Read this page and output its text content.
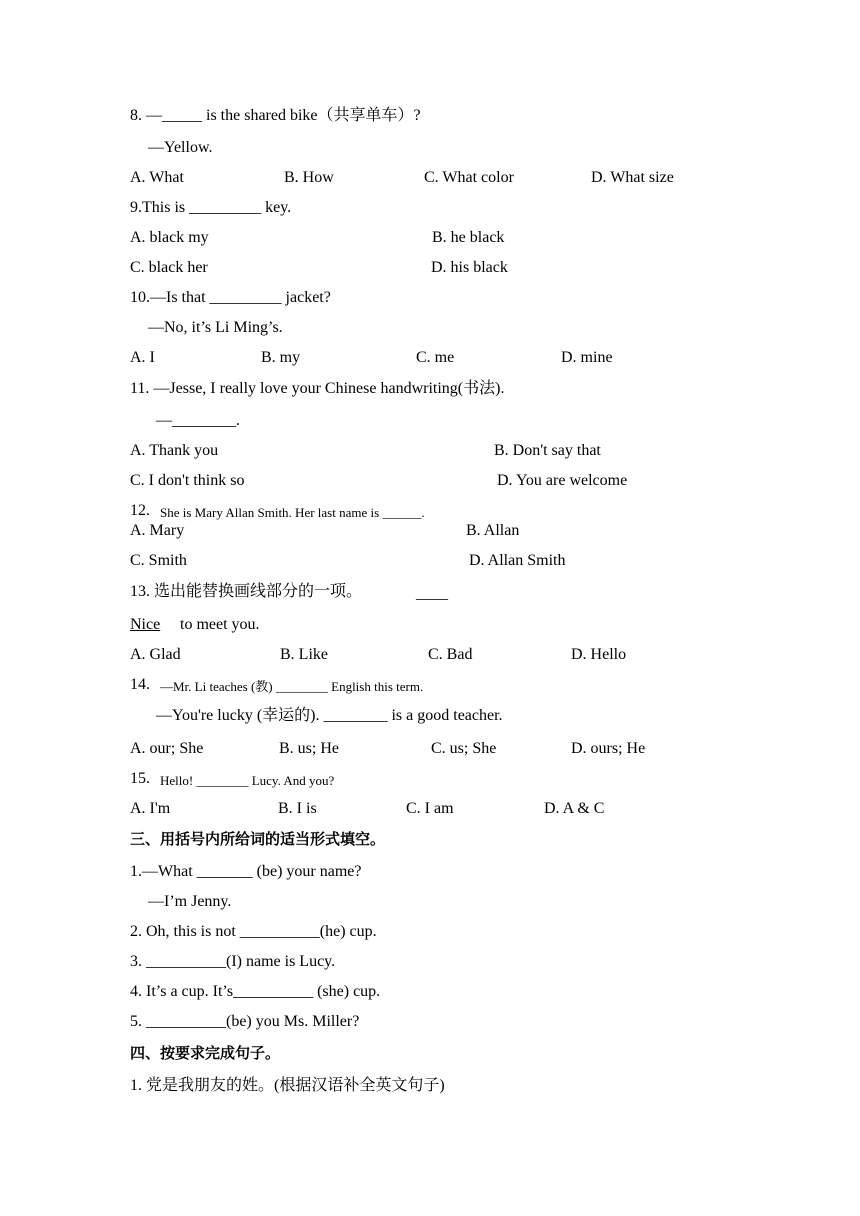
8. —_____ is the shared bike（共享单车）?
—Yellow.
A. What	B. How	C. What color	D. What size
9.This is _________ key.
A. black my	B. he black
C. black her	D. his black
10.—Is that _________ jacket?
—No, it’s Li Ming’s.
A. I	B. my	C. me	D. mine
11. —Jesse, I really love your Chinese handwriting(书法).
—________.
A. Thank you	B. Don't say that
C. I don't think so	D. You are welcome
12. She is Mary Allan Smith. Her last name is ______.
A. Mary	B. Allan
C. Smith	D. Allan Smith
13. 选出能替换画线部分的一项。	____
Nice to meet you.
A. Glad	B. Like	C. Bad	D. Hello
14. —Mr. Li teaches (教) ________ English this term.
—You're lucky (幸运的). ________ is a good teacher.
A. our; She	B. us; He	C. us; She	D. ours; He
15. Hello! ________ Lucy. And you?
A. I'm	B. I is	C. I am	D. A & C
三、用括号内所给词的适当形式填空。
1.—What _______ (be) your name?
—I’m Jenny.
2. Oh, this is not __________(he) cup.
3. __________(I) name is Lucy.
4. It’s a cup. It’s__________ (she) cup.
5. __________(be) you Ms. Miller?
四、按要求完成句子。
1. 党是我朋友的姓。(根据汉语补全英文句子)
